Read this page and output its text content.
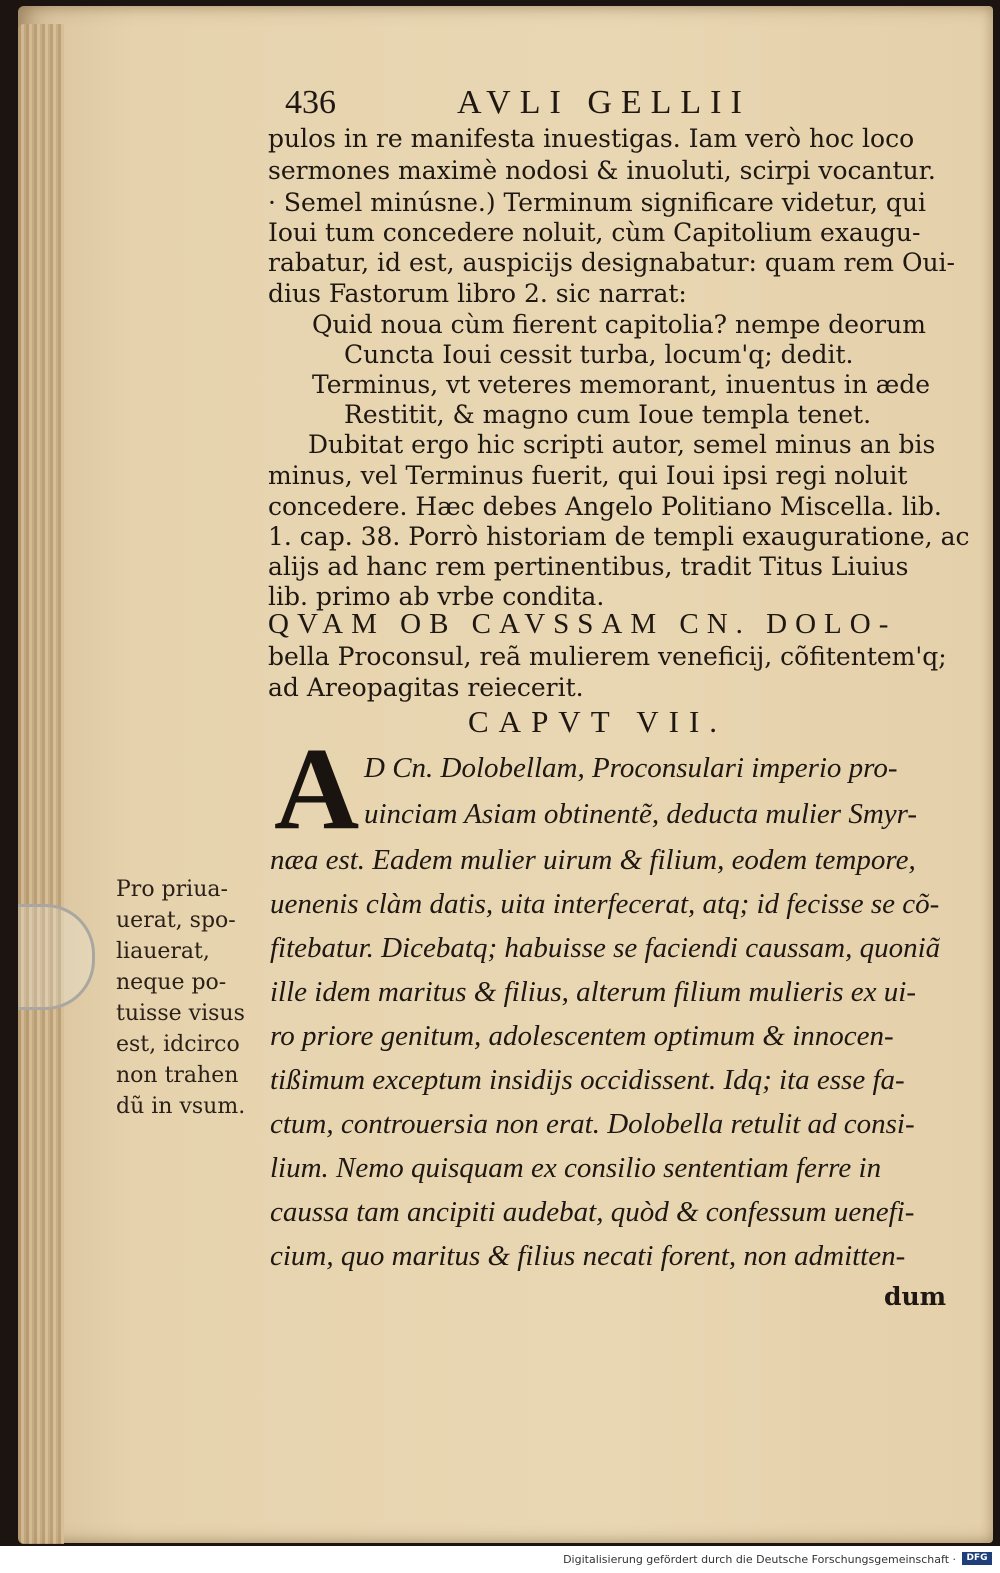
436	AVLI GELLII
pulos in re manifesta inuestigas. Iam verò hoc loco
sermones maximè nodosi & inuoluti, scirpi vocantur.
· Semel minúsne.) Terminum significare videtur, qui
Ioui tum concedere noluit, cùm Capitolium exaugu-
rabatur, id est, auspicijs designabatur: quam rem Oui-
dius Fastorum libro 2. sic narrat:
Quid noua cùm fierent capitolia? nempe deorum
Cuncta Ioui cessit turba, locum'q; dedit.
Terminus, vt veteres memorant, inuentus in æde
Restitit, & magno cum Ioue templa tenet.
Dubitat ergo hic scripti autor, semel minus an bis
minus, vel Terminus fuerit, qui Ioui ipsi regi noluit
concedere. Hæc debes Angelo Politiano Miscella. lib.
1. cap. 38. Porrò historiam de templi exauguratione, ac
alijs ad hanc rem pertinentibus, tradit Titus Liuius
lib. primo ab vrbe condita.
QVAM OB CAVSSAM CN. DOLO-
bella Proconsul, reã mulierem veneficij, cõfitentem'q;
ad Areopagitas reiecerit.
CAPVT VII.
A D Cn. Dolobellam, Proconsulari imperio pro-
uinciam Asiam obtinentẽ, deducta mulier Smyr-
næa est. Eadem mulier uirum & filium, eodem tempore,
uenenis clàm datis, uita interfecerat, atq; id fecisse se cõ-
fitebatur. Dicebatq; habuisse se faciendi caussam, quoniã
ille idem maritus & filius, alterum filium mulieris ex ui-
ro priore genitum, adolescentem optimum & innocen-
tißimum exceptum insidijs occidissent. Idq; ita esse fa-
ctum, controuersia non erat. Dolobella retulit ad consi-
lium. Nemo quisquam ex consilio sententiam ferre in
caussa tam ancipiti audebat, quòd & confessum uenefi-
cium, quo maritus & filius necati forent, non admitten-
dum
Pro priua-
uerat, spo-
liauerat,
neque po-
tuisse visus
est, idcirco
non trahen
dũ in vsum.
Digitalisierung gefördert durch die Deutsche Forschungsgemeinschaft ·	DFG
